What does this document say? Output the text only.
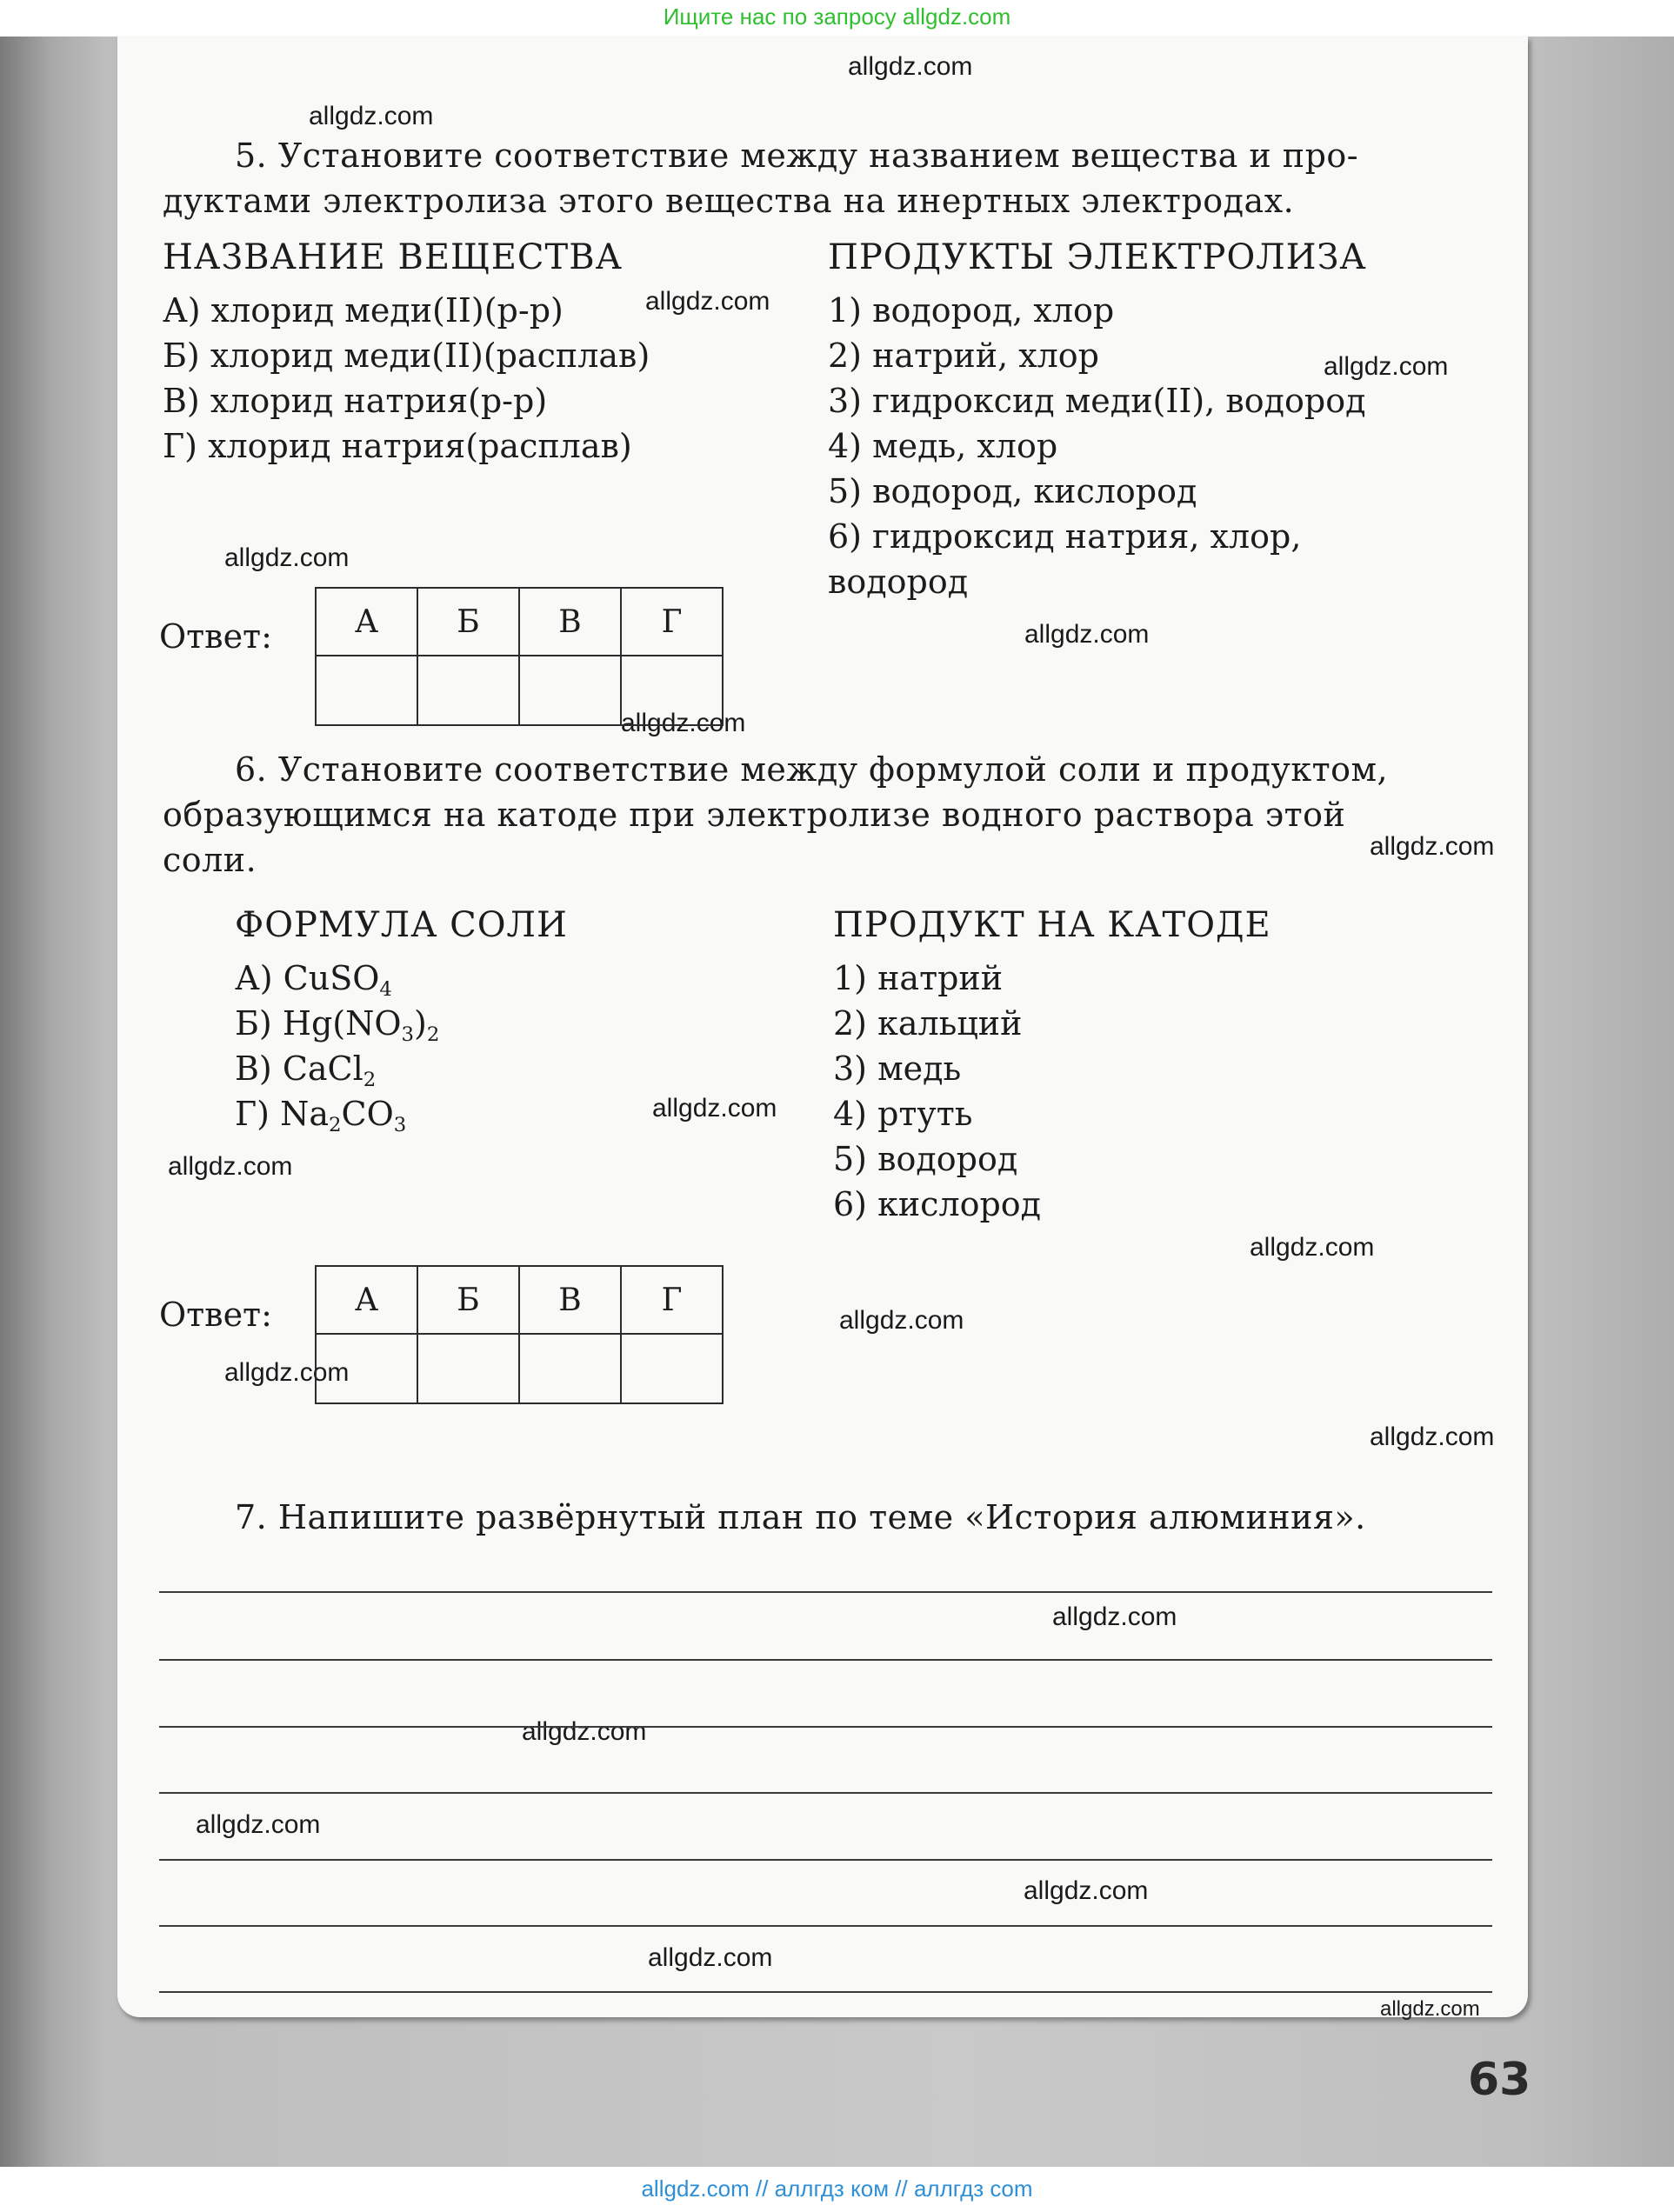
Ищите нас по запросу allgdz.com
allgdz.com
allgdz.com
allgdz.com
allgdz.com
allgdz.com
allgdz.com
allgdz.com
allgdz.com
allgdz.com
allgdz.com
allgdz.com
allgdz.com
allgdz.com
allgdz.com
allgdz.com
allgdz.com
allgdz.com
allgdz.com
allgdz.com
allgdz.com
5. Установите соответствие между названием вещества и про-
дуктами электролиза этого вещества на инертных электродах.
НАЗВАНИЕ ВЕЩЕСТВА	ПРОДУКТЫ ЭЛЕКТРОЛИЗА
А) хлорид меди(II)(р-р)
Б) хлорид меди(II)(расплав)
В) хлорид натрия(р-р)
Г) хлорид натрия(расплав)
1) водород, хлор
2) натрий, хлор
3) гидроксид меди(II), водород
4) медь, хлор
5) водород, кислород
6) гидроксид натрия, хлор,
водород
Ответ:	А	Б	В	Г

6. Установите соответствие между формулой соли и продуктом,
образующимся на катоде при электролизе водного раствора этой
соли.
ФОРМУЛА СОЛИ	ПРОДУКТ НА КАТОДЕ
А) CuSO$_4$
Б) $Hg(NO_3)_2$
В) CaCl$_2$
Г) $Na_2CO_3$
1) натрий
2) кальций
3) медь
4) ртуть
5) водород
6) кислород
Ответ:	А	Б	В	Г

7. Напишите развёрнутый план по теме «История алюминия».
63
allgdz.com // аллгдз ком // аллгдз com
